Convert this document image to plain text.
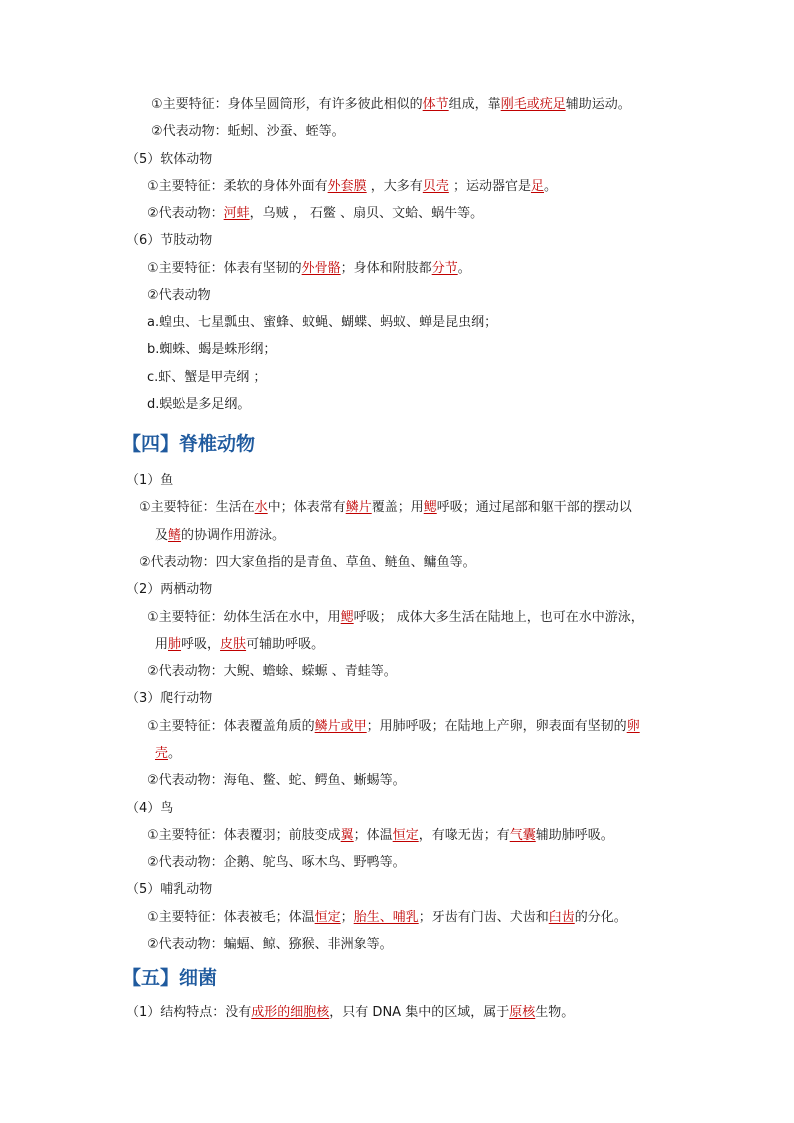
【四】脊椎动物
【五】细菌
①主要特征：身体呈圆筒形，有许多彼此相似的体节组成，靠刚毛或疣足辅助运动。
②代表动物：蚯蚓、沙蚕、蛭等。
（5）软体动物
①主要特征：柔软的身体外面有外套膜 ，大多有贝壳 ；运动器官是足。
②代表动物：河蚌，乌贼 ， 石鳖 、扇贝、文蛤、蜗牛等。
（6）节肢动物
①主要特征：体表有坚韧的外骨骼；身体和附肢都分节。
②代表动物
a.蝗虫、七星瓢虫、蜜蜂、蚊蝇、蝴蝶、蚂蚁、蝉是昆虫纲；
b.蜘蛛、蝎是蛛形纲；
c.虾、蟹是甲壳纲 ；
d.蜈蚣是多足纲。
（1）鱼
①主要特征：生活在水中；体表常有鳞片覆盖；用鳃呼吸；通过尾部和躯干部的摆动以
及鳍的协调作用游泳。
②代表动物：四大家鱼指的是青鱼、草鱼、鲢鱼、鳙鱼等。
（2）两栖动物
①主要特征：幼体生活在水中，用鳃呼吸； 成体大多生活在陆地上，也可在水中游泳，
用肺呼吸，皮肤可辅助呼吸。
②代表动物：大鲵、蟾蜍、蝾螈 、青蛙等。
（3）爬行动物
①主要特征：体表覆盖角质的鳞片或甲；用肺呼吸；在陆地上产卵，卵表面有坚韧的卵
壳。
②代表动物：海龟、鳖、蛇、鳄鱼、蜥蜴等。
（4）鸟
①主要特征：体表覆羽；前肢变成翼；体温恒定，有喙无齿；有气囊辅助肺呼吸。
②代表动物：企鹅、鸵鸟、啄木鸟、野鸭等。
（5）哺乳动物
①主要特征：体表被毛；体温恒定；胎生、哺乳；牙齿有门齿、犬齿和臼齿的分化。
②代表动物：蝙蝠、鲸、猕猴、非洲象等。
（1）结构特点：没有成形的细胞核，只有 DNA 集中的区域，属于原核生物。
